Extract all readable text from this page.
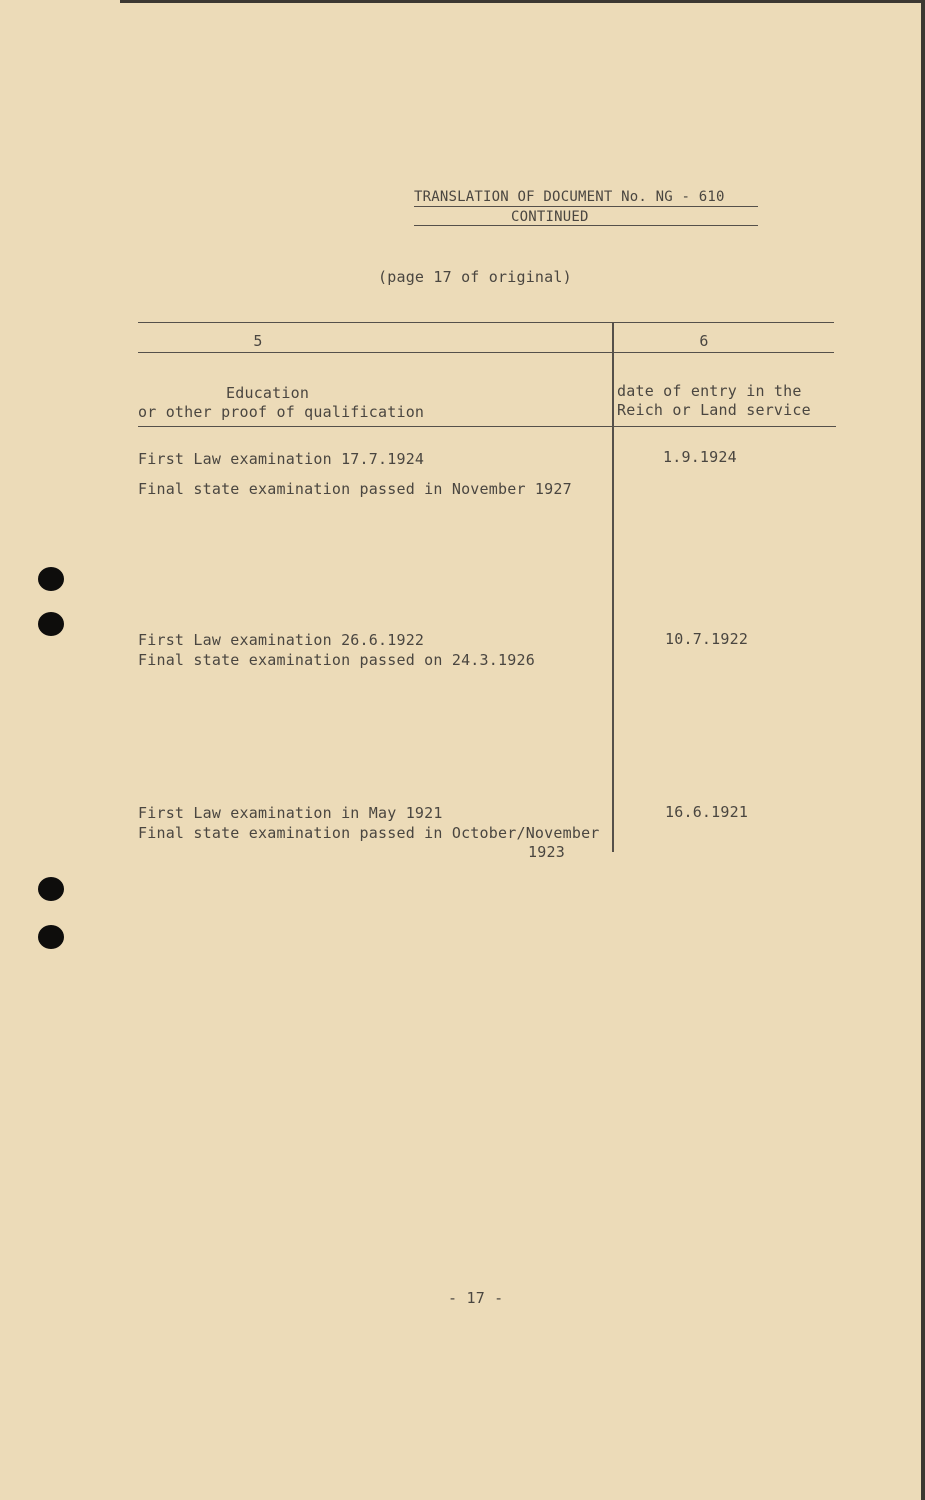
TRANSLATION OF DOCUMENT No. NG - 610
CONTINUED
(page 17 of original)
5	6
Education
or other proof of qualification
date of entry in the
Reich or Land service
First Law examination 17.7.1924
Final state examination passed in November 1927
1.9.1924
First Law examination 26.6.1922
Final state examination passed on 24.3.1926
10.7.1922
First Law examination in May 1921
Final state examination passed in October/November
1923
16.6.1921
- 17 -
